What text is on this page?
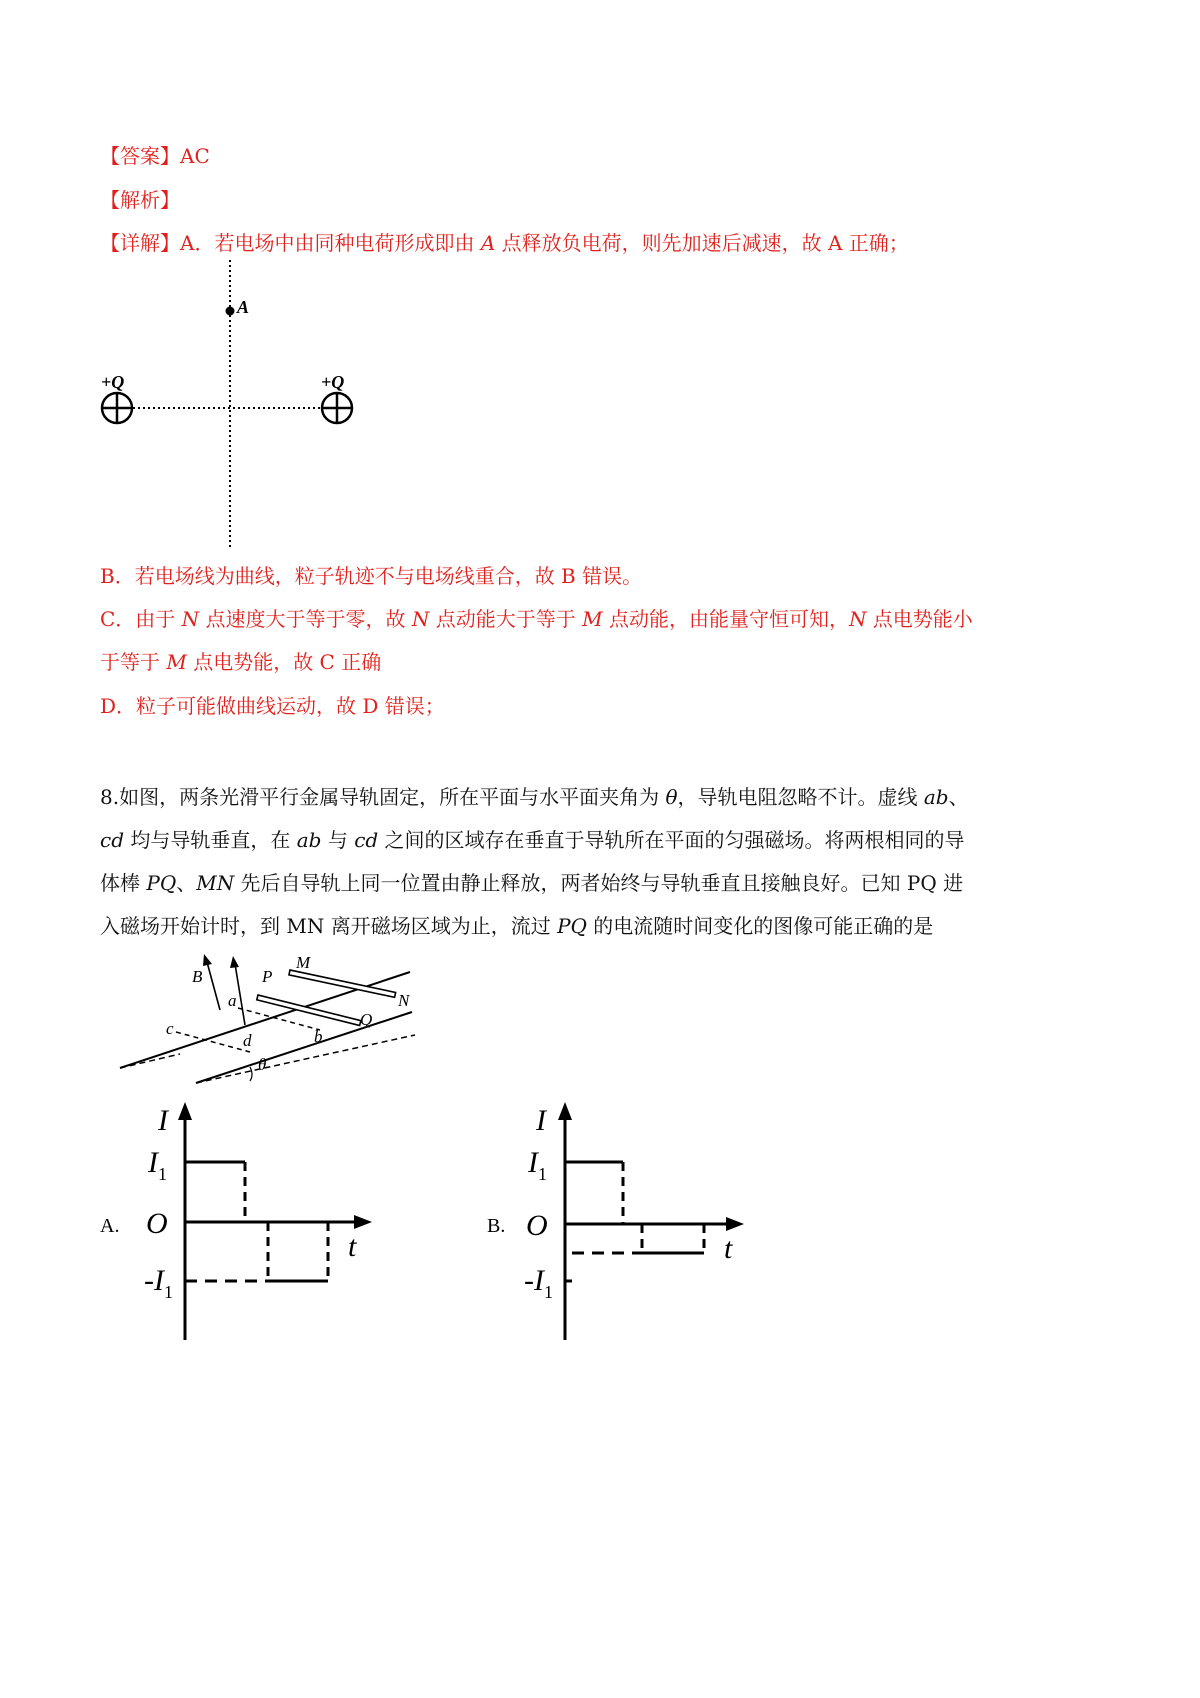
【答案】AC
【解析】
【详解】A．若电场中由同种电荷形成即由 A 点释放负电荷，则先加速后减速，故 A 正确；
A
+Q	+Q
B．若电场线为曲线，粒子轨迹不与电场线重合，故 B 错误。
C．由于 N 点速度大于等于零，故 N 点动能大于等于 M 点动能，由能量守恒可知，N 点电势能小
于等于 M 点电势能，故 C 正确
D．粒子可能做曲线运动，故 D 错误；
8.如图，两条光滑平行金属导轨固定，所在平面与水平面夹角为 θ，导轨电阻忽略不计。虚线 ab、
cd 均与导轨垂直，在 ab 与 cd 之间的区域存在垂直于导轨所在平面的匀强磁场。将两根相同的导
体棒 PQ、MN 先后自导轨上同一位置由静止释放，两者始终与导轨垂直且接触良好。已知 PQ 进
入磁场开始计时，到 MN 离开磁场区域为止，流过 PQ 的电流随时间变化的图像可能正确的是
B
M
P
a	N
c	Q
d	b
θ
A.
I
t
O
$I_1$
$-I_1$
B.
I
t
O
$I_1$
$-I_1$
